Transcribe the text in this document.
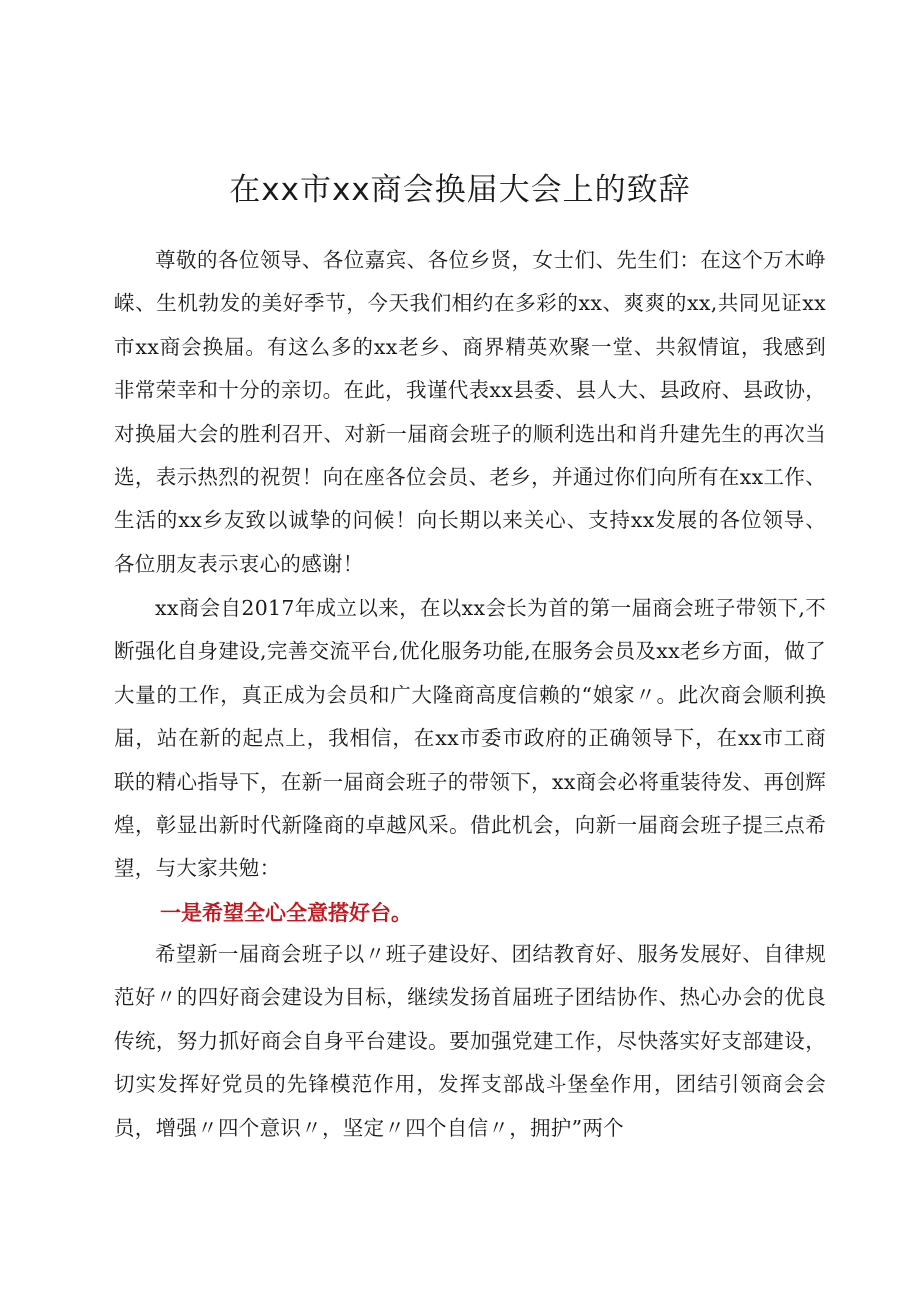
在xx市xx商会换届大会上的致辞

尊敬的各位领导、各位嘉宾、各位乡贤，女士们、先生们：在这个万木峥嵘、生机勃发的美好季节，今天我们相约在多彩的xx、爽爽的xx,共同见证xx市xx商会换届。有这么多的xx老乡、商界精英欢聚一堂、共叙情谊，我感到非常荣幸和十分的亲切。在此，我谨代表xx县委、县人大、县政府、县政协，对换届大会的胜利召开、对新一届商会班子的顺利选出和肖升建先生的再次当选，表示热烈的祝贺！向在座各位会员、老乡，并通过你们向所有在xx工作、生活的xx乡友致以诚挚的问候！向长期以来关心、支持xx发展的各位领导、各位朋友表示衷心的感谢！

xx商会自2017年成立以来，在以xx会长为首的第一届商会班子带领下,不断强化自身建设,完善交流平台,优化服务功能,在服务会员及xx老乡方面，做了大量的工作，真正成为会员和广大隆商高度信赖的“娘家〃。此次商会顺利换届，站在新的起点上，我相信，在xx市委市政府的正确领导下，在xx市工商联的精心指导下，在新一届商会班子的带领下，xx商会必将重装待发、再创辉煌，彰显出新时代新隆商的卓越风采。借此机会，向新一届商会班子提三点希望，与大家共勉：

一是希望全心全意搭好台。

希望新一届商会班子以〃班子建设好、团结教育好、服务发展好、自律规范好〃的四好商会建设为目标，继续发扬首届班子团结协作、热心办会的优良传统，努力抓好商会自身平台建设。要加强党建工作，尽快落实好支部建设，切实发挥好党员的先锋模范作用，发挥支部战斗堡垒作用，团结引领商会会员，增强〃四个意识〃，坚定〃四个自信〃，拥护”两个
